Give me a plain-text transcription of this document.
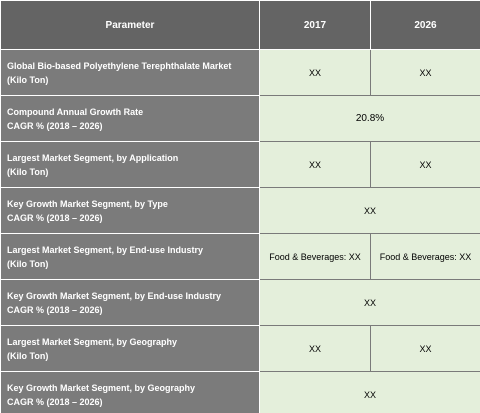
Parameter	2017	2026

Global Bio-based Polyethylene Terephthalate Market
(Kilo Ton)	XX	XX

Compound Annual Growth Rate
CAGR % (2018 – 2026)	20.8%	

Largest Market Segment, by Application
(Kilo Ton)	XX	XX

Key Growth Market Segment, by Type
CAGR % (2018 – 2026)	XX	

Largest Market Segment, by End-use Industry
(Kilo Ton)	Food & Beverages: XX	Food & Beverages: XX

Key Growth Market Segment, by End-use Industry
CAGR % (2018 – 2026)	XX	

Largest Market Segment, by Geography
(Kilo Ton)	XX	XX

Key Growth Market Segment, by Geography
CAGR % (2018 – 2026)	XX	
